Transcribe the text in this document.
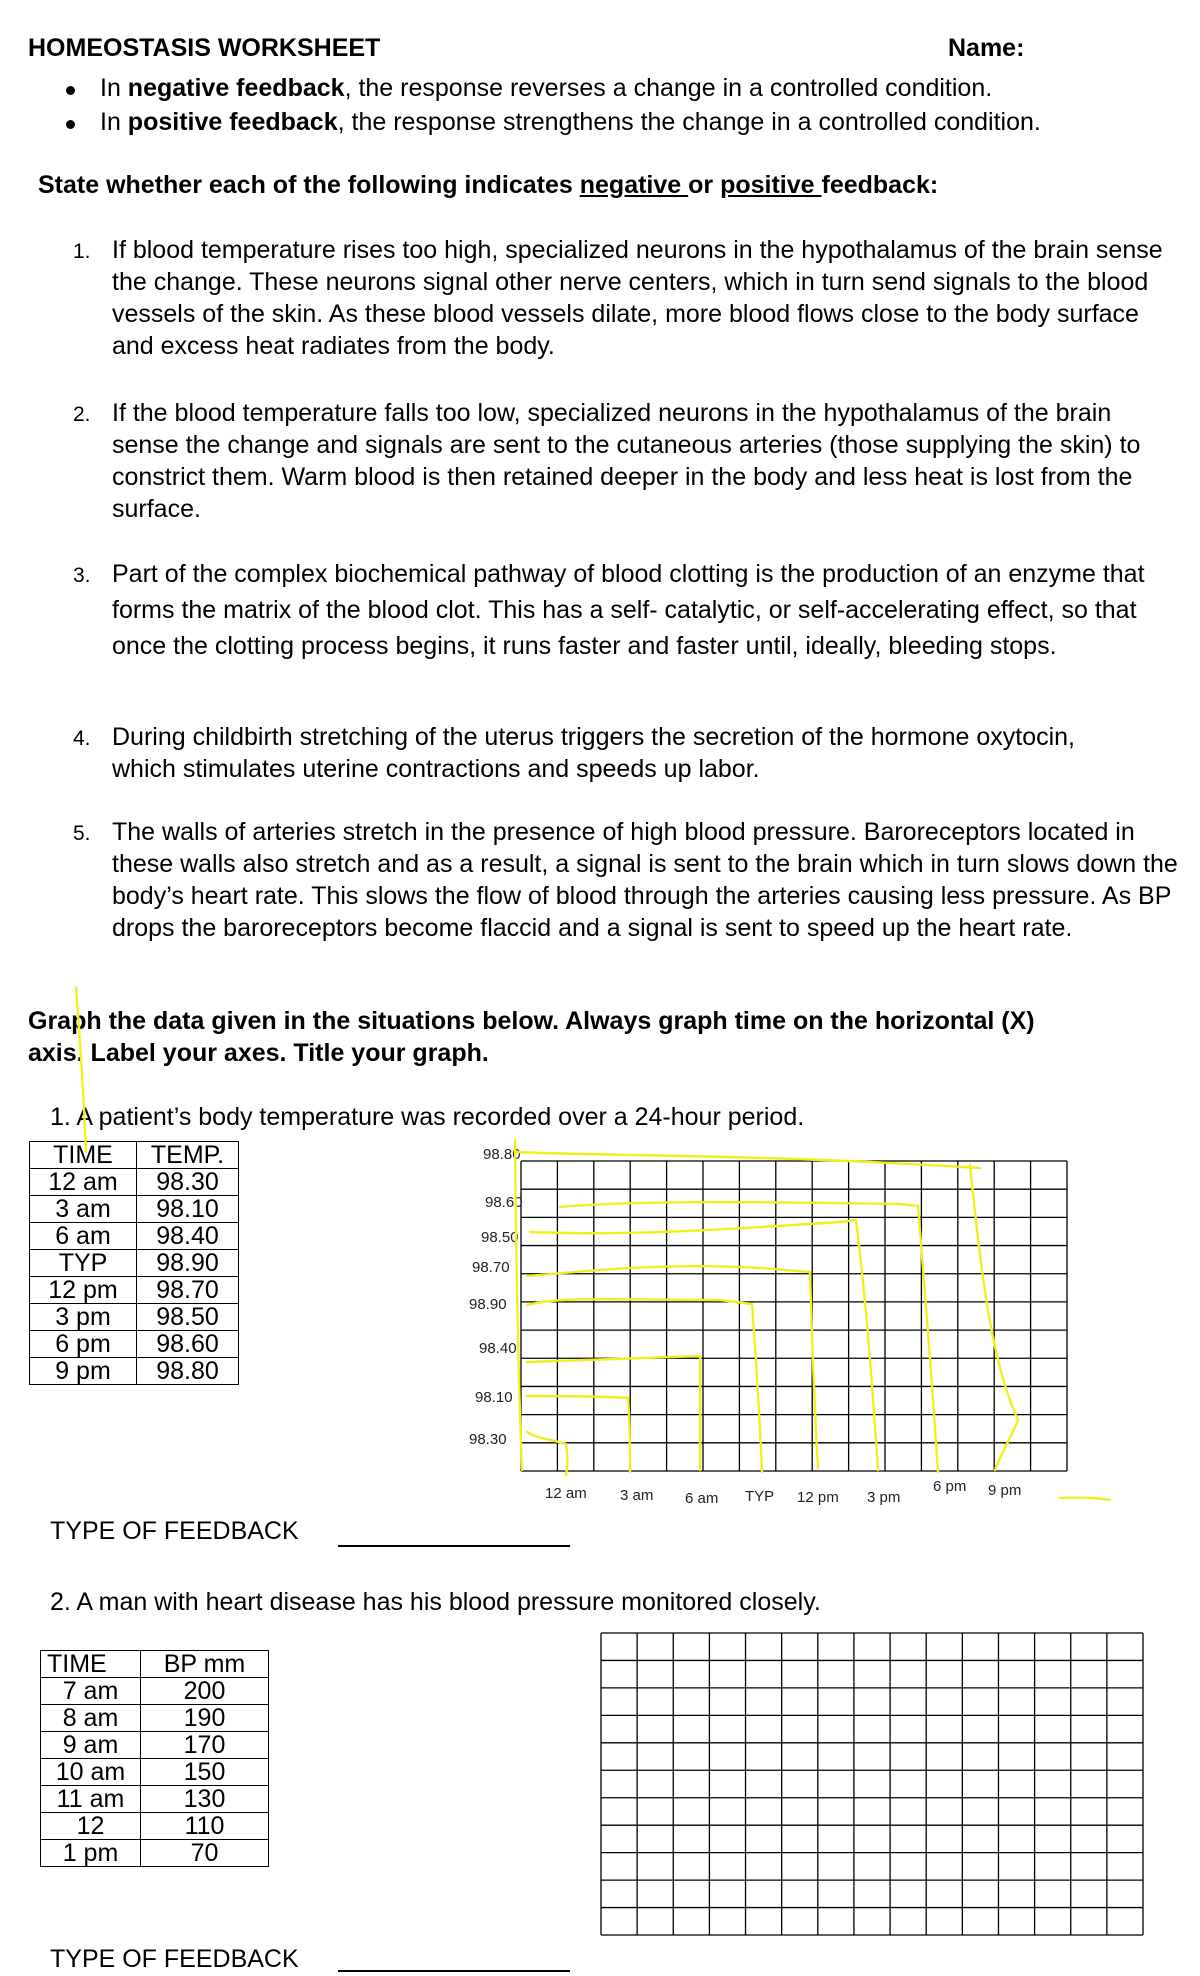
HOMEOSTASIS WORKSHEET	Name:
In negative feedback, the response reverses a change in a controlled condition.
In positive feedback, the response strengthens the change in a controlled condition.
State whether each of the following indicates negative or positive feedback:
1. If blood temperature rises too high, specialized neurons in the hypothalamus of the brain sense the change. These neurons signal other nerve centers, which in turn send signals to the blood vessels of the skin. As these blood vessels dilate, more blood flows close to the body surface and excess heat radiates from the body.
2. If the blood temperature falls too low, specialized neurons in the hypothalamus of the brain sense the change and signals are sent to the cutaneous arteries (those supplying the skin) to constrict them. Warm blood is then retained deeper in the body and less heat is lost from the surface.
3. Part of the complex biochemical pathway of blood clotting is the production of an enzyme that forms the matrix of the blood clot. This has a self- catalytic, or self-accelerating effect, so that once the clotting process begins, it runs faster and faster until, ideally, bleeding stops.
4. During childbirth stretching of the uterus triggers the secretion of the hormone oxytocin, which stimulates uterine contractions and speeds up labor.
5. The walls of arteries stretch in the presence of high blood pressure. Baroreceptors located in these walls also stretch and as a result, a signal is sent to the brain which in turn slows down the body’s heart rate. This slows the flow of blood through the arteries causing less pressure. As BP drops the baroreceptors become flaccid and a signal is sent to speed up the heart rate.
Graph the data given in the situations below. Always graph time on the horizontal (X)
axis. Label your axes. Title your graph.
1. A patient’s body temperature was recorded over a 24-hour period.
TIME	TEMP.
12 am	98.30
3 am	98.10
6 am	98.40
TYP	98.90
12 pm	98.70
3 pm	98.50
6 pm	98.60
9 pm	98.80
98.80
98.60
98.50
98.70
98.90
98.40
98.10
98.30
12 am 3 am 6 am TYP 12 pm 3 pm
6 pm 9 pm
TYPE OF FEEDBACK
2. A man with heart disease has his blood pressure monitored closely.
TIME	BP mm
7 am	200
8 am	190
9 am	170
10 am	150
11 am	130
12	110
1 pm	70
TYPE OF FEEDBACK
